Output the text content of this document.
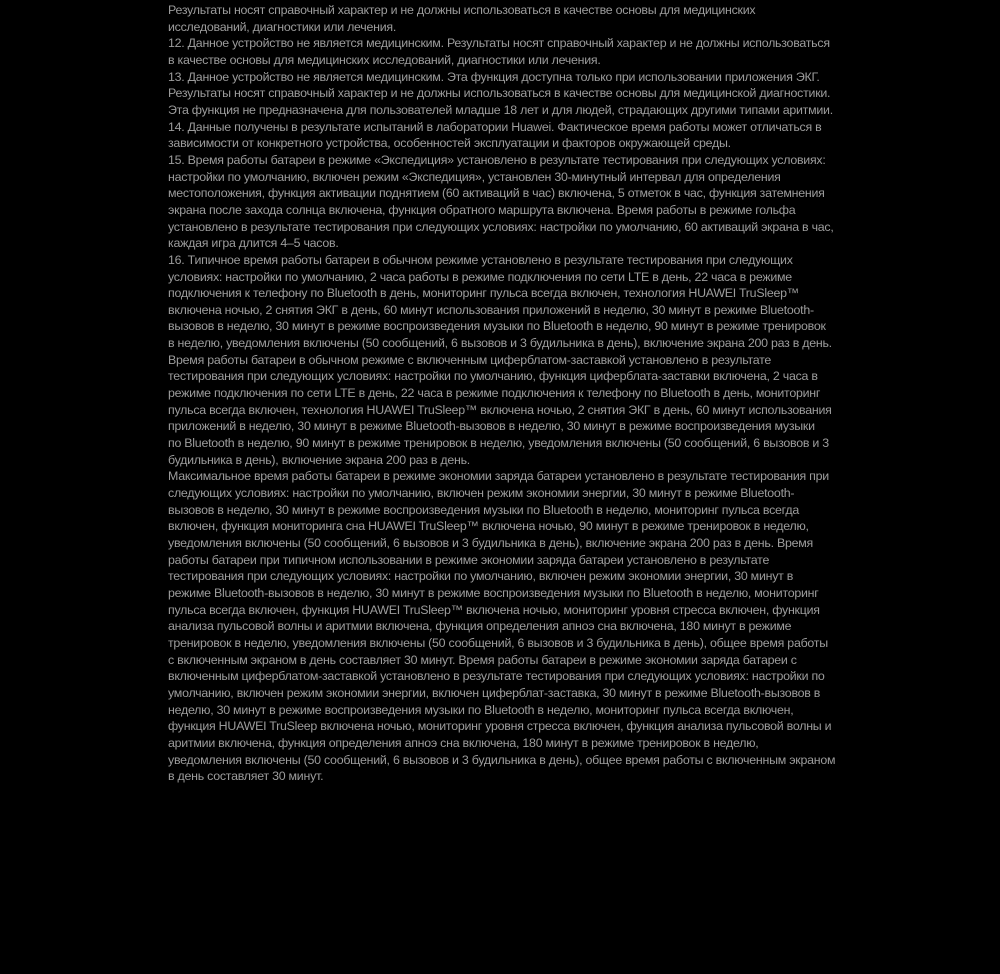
Результаты носят справочный характер и не должны использоваться в качестве основы для медицинских
исследований, диагностики или лечения.
12. Данное устройство не является медицинским. Результаты носят справочный характер и не должны использоваться
в качестве основы для медицинских исследований, диагностики или лечения.
13. Данное устройство не является медицинским. Эта функция доступна только при использовании приложения ЭКГ.
Результаты носят справочный характер и не должны использоваться в качестве основы для медицинской диагностики.
Эта функция не предназначена для пользователей младше 18 лет и для людей, страдающих другими типами аритмии.
14. Данные получены в результате испытаний в лаборатории Huawei. Фактическое время работы может отличаться в
зависимости от конкретного устройства, особенностей эксплуатации и факторов окружающей среды.
15. Время работы батареи в режиме «Экспедиция» установлено в результате тестирования при следующих условиях:
настройки по умолчанию, включен режим «Экспедиция», установлен 30-минутный интервал для определения
местоположения, функция активации поднятием (60 активаций в час) включена, 5 отметок в час, функция затемнения
экрана после захода солнца включена, функция обратного маршрута включена. Время работы в режиме гольфа
установлено в результате тестирования при следующих условиях: настройки по умолчанию, 60 активаций экрана в час,
каждая игра длится 4–5 часов.
16. Типичное время работы батареи в обычном режиме установлено в результате тестирования при следующих
условиях: настройки по умолчанию, 2 часа работы в режиме подключения по сети LTE в день, 22 часа в режиме
подключения к телефону по Bluetooth в день, мониторинг пульса всегда включен, технология HUAWEI TruSleep™
включена ночью, 2 снятия ЭКГ в день, 60 минут использования приложений в неделю, 30 минут в режиме Bluetooth-
вызовов в неделю, 30 минут в режиме воспроизведения музыки по Bluetooth в неделю, 90 минут в режиме тренировок
в неделю, уведомления включены (50 сообщений, 6 вызовов и 3 будильника в день), включение экрана 200 раз в день.
Время работы батареи в обычном режиме с включенным циферблатом-заставкой установлено в результате
тестирования при следующих условиях: настройки по умолчанию, функция циферблата-заставки включена, 2 часа в
режиме подключения по сети LTE в день, 22 часа в режиме подключения к телефону по Bluetooth в день, мониторинг
пульса всегда включен, технология HUAWEI TruSleep™ включена ночью, 2 снятия ЭКГ в день, 60 минут использования
приложений в неделю, 30 минут в режиме Bluetooth-вызовов в неделю, 30 минут в режиме воспроизведения музыки
по Bluetooth в неделю, 90 минут в режиме тренировок в неделю, уведомления включены (50 сообщений, 6 вызовов и 3
будильника в день), включение экрана 200 раз в день.
Максимальное время работы батареи в режиме экономии заряда батареи установлено в результате тестирования при
следующих условиях: настройки по умолчанию, включен режим экономии энергии, 30 минут в режиме Bluetooth-
вызовов в неделю, 30 минут в режиме воспроизведения музыки по Bluetooth в неделю, мониторинг пульса всегда
включен, функция мониторинга сна HUAWEI TruSleep™ включена ночью, 90 минут в режиме тренировок в неделю,
уведомления включены (50 сообщений, 6 вызовов и 3 будильника в день), включение экрана 200 раз в день. Время
работы батареи при типичном использовании в режиме экономии заряда батареи установлено в результате
тестирования при следующих условиях: настройки по умолчанию, включен режим экономии энергии, 30 минут в
режиме Bluetooth-вызовов в неделю, 30 минут в режиме воспроизведения музыки по Bluetooth в неделю, мониторинг
пульса всегда включен, функция HUAWEI TruSleep™ включена ночью, мониторинг уровня стресса включен, функция
анализа пульсовой волны и аритмии включена, функция определения апноэ сна включена, 180 минут в режиме
тренировок в неделю, уведомления включены (50 сообщений, 6 вызовов и 3 будильника в день), общее время работы
с включенным экраном в день составляет 30 минут. Время работы батареи в режиме экономии заряда батареи с
включенным циферблатом-заставкой установлено в результате тестирования при следующих условиях: настройки по
умолчанию, включен режим экономии энергии, включен циферблат-заставка, 30 минут в режиме Bluetooth-вызовов в
неделю, 30 минут в режиме воспроизведения музыки по Bluetooth в неделю, мониторинг пульса всегда включен,
функция HUAWEI TruSleep включена ночью, мониторинг уровня стресса включен, функция анализа пульсовой волны и
аритмии включена, функция определения апноэ сна включена, 180 минут в режиме тренировок в неделю,
уведомления включены (50 сообщений, 6 вызовов и 3 будильника в день), общее время работы с включенным экраном
в день составляет 30 минут.
